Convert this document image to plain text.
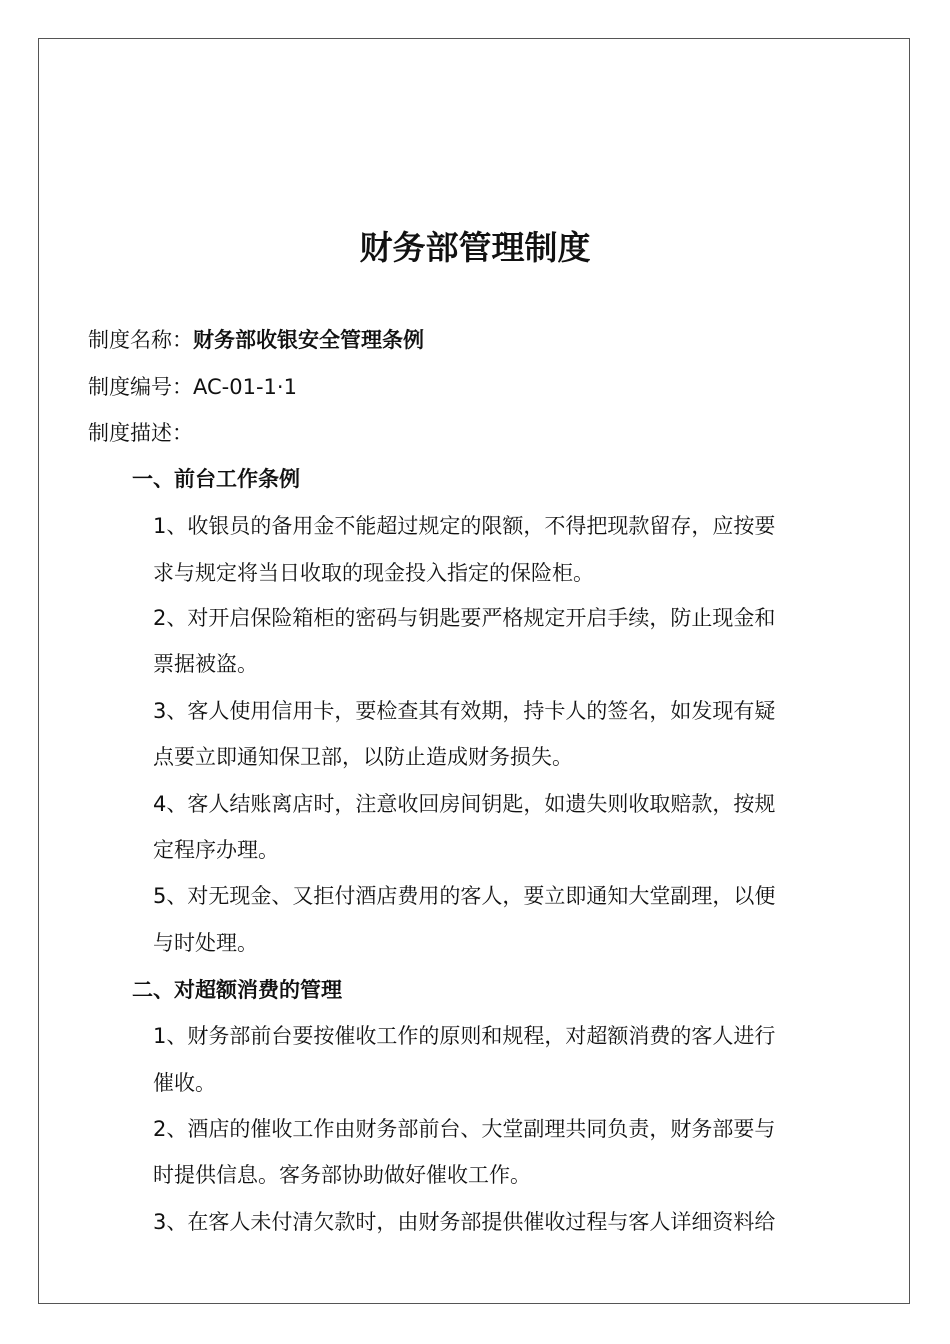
财务部管理制度
制度名称：财务部收银安全管理条例
制度编号：AC-01-1·1
制度描述：
一、前台工作条例
1、收银员的备用金不能超过规定的限额，不得把现款留存，应按要
求与规定将当日收取的现金投入指定的保险柜。
2、对开启保险箱柜的密码与钥匙要严格规定开启手续，防止现金和
票据被盗。
3、客人使用信用卡，要检查其有效期，持卡人的签名，如发现有疑
点要立即通知保卫部，以防止造成财务损失。
4、客人结账离店时，注意收回房间钥匙，如遗失则收取赔款，按规
定程序办理。
5、对无现金、又拒付酒店费用的客人，要立即通知大堂副理，以便
与时处理。
二、对超额消费的管理
1、财务部前台要按催收工作的原则和规程，对超额消费的客人进行
催收。
2、酒店的催收工作由财务部前台、大堂副理共同负责，财务部要与
时提供信息。客务部协助做好催收工作。
3、在客人未付清欠款时，由财务部提供催收过程与客人详细资料给
